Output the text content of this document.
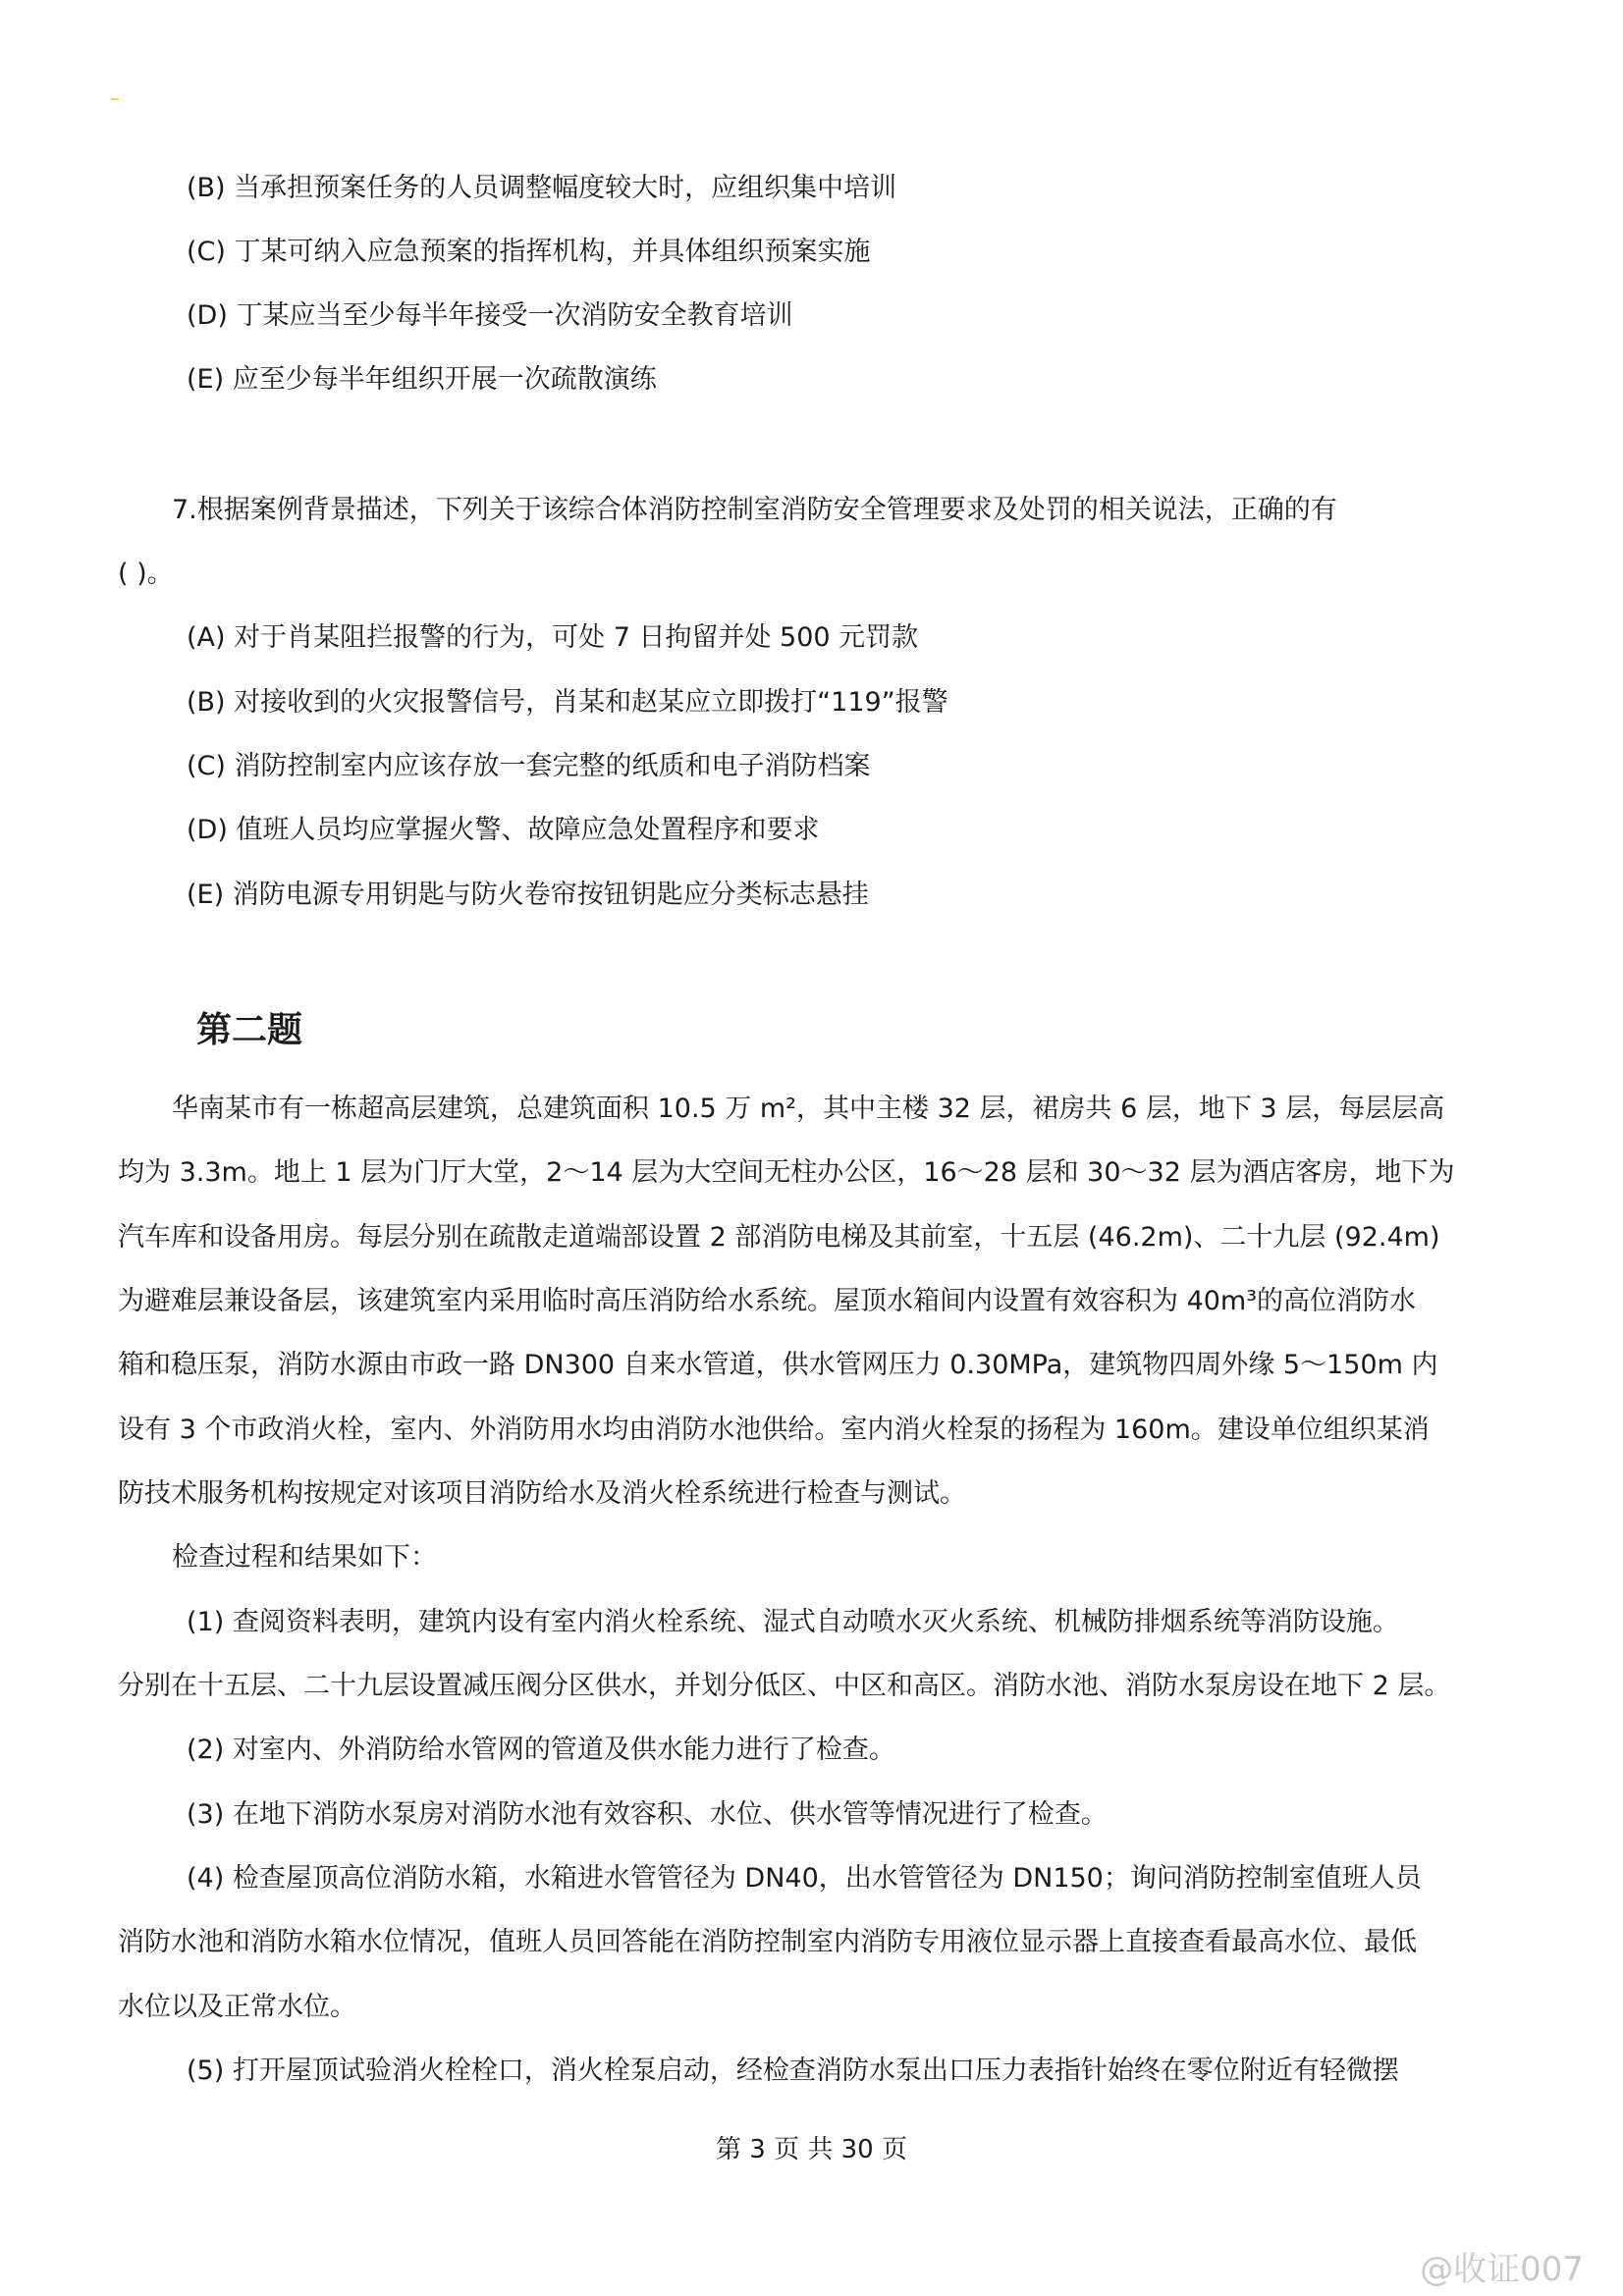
(B) 当承担预案任务的人员调整幅度较大时，应组织集中培训
(C) 丁某可纳入应急预案的指挥机构，并具体组织预案实施
(D) 丁某应当至少每半年接受一次消防安全教育培训
(E) 应至少每半年组织开展一次疏散演练
7.根据案例背景描述，下列关于该综合体消防控制室消防安全管理要求及处罚的相关说法，正确的有
( )。
(A) 对于肖某阻拦报警的行为，可处 7 日拘留并处 500 元罚款
(B) 对接收到的火灾报警信号，肖某和赵某应立即拨打“119”报警
(C) 消防控制室内应该存放一套完整的纸质和电子消防档案
(D) 值班人员均应掌握火警、故障应急处置程序和要求
(E) 消防电源专用钥匙与防火卷帘按钮钥匙应分类标志悬挂
第二题
华南某市有一栋超高层建筑，总建筑面积 10.5 万 m²，其中主楼 32 层，裙房共 6 层，地下 3 层，每层层高
均为 3.3m。地上 1 层为门厅大堂，2～14 层为大空间无柱办公区，16～28 层和 30～32 层为酒店客房，地下为
汽车库和设备用房。每层分别在疏散走道端部设置 2 部消防电梯及其前室，十五层 (46.2m)、二十九层 (92.4m)
为避难层兼设备层，该建筑室内采用临时高压消防给水系统。屋顶水箱间内设置有效容积为 40m³的高位消防水
箱和稳压泵，消防水源由市政一路 DN300 自来水管道，供水管网压力 0.30MPa，建筑物四周外缘 5～150m 内
设有 3 个市政消火栓，室内、外消防用水均由消防水池供给。室内消火栓泵的扬程为 160m。建设单位组织某消
防技术服务机构按规定对该项目消防给水及消火栓系统进行检查与测试。
检查过程和结果如下：
(1) 查阅资料表明，建筑内设有室内消火栓系统、湿式自动喷水灭火系统、机械防排烟系统等消防设施。
分别在十五层、二十九层设置减压阀分区供水，并划分低区、中区和高区。消防水池、消防水泵房设在地下 2 层。
(2) 对室内、外消防给水管网的管道及供水能力进行了检查。
(3) 在地下消防水泵房对消防水池有效容积、水位、供水管等情况进行了检查。
(4) 检查屋顶高位消防水箱，水箱进水管管径为 DN40，出水管管径为 DN150；询问消防控制室值班人员
消防水池和消防水箱水位情况，值班人员回答能在消防控制室内消防专用液位显示器上直接查看最高水位、最低
水位以及正常水位。
(5) 打开屋顶试验消火栓栓口，消火栓泵启动，经检查消防水泵出口压力表指针始终在零位附近有轻微摆
第 3 页 共 30 页
@收证007
